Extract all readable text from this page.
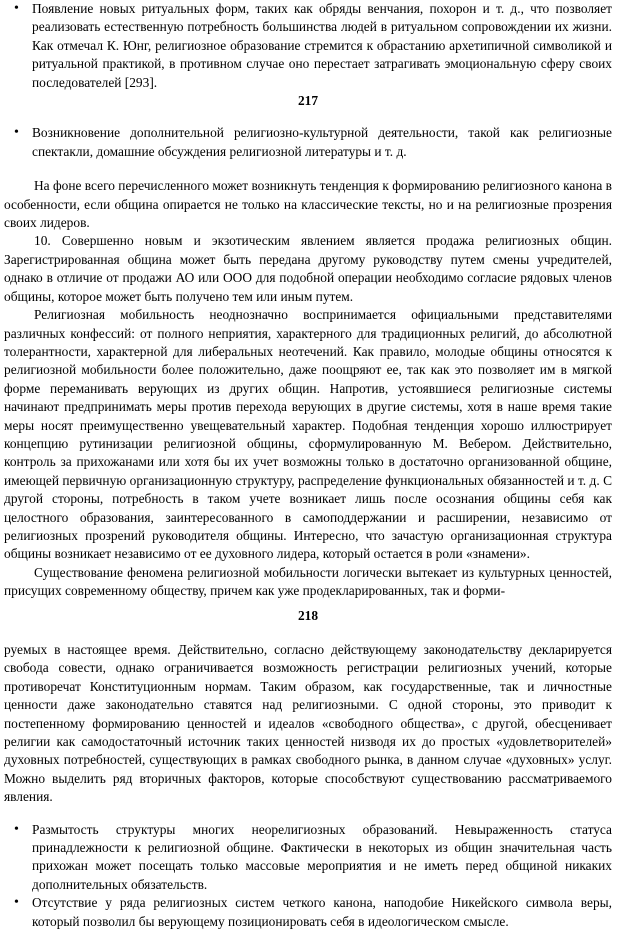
• Появление новых ритуальных форм, таких как обряды венчания, похорон и т. д., что позволяет реализовать естественную потребность большинства людей в ритуальном сопровождении их жизни. Как отмечал К. Юнг, религиозное образование стремится к обрастанию архетипичной символикой и ритуальной практикой, в противном случае оно перестает затрагивать эмоциональную сферу своих последователей [293].

217

• Возникновение дополнительной религиозно-культурной деятельности, такой как религиозные спектакли, домашние обсуждения религиозной литературы и т. д.

На фоне всего перечисленного может возникнуть тенденция к формированию религиозного канона в особенности, если община опирается не только на классические тексты, но и на религиозные прозрения своих лидеров.

10. Совершенно новым и экзотическим явлением является продажа религиозных общин. Зарегистрированная община может быть передана другому руководству путем смены учредителей, однако в отличие от продажи АО или ООО для подобной операции необходимо согласие рядовых членов общины, которое может быть получено тем или иным путем.

Религиозная мобильность неоднозначно воспринимается официальными представителями различных конфессий: от полного неприятия, характерного для традиционных религий, до абсолютной толерантности, характерной для либеральных неотечений. Как правило, молодые общины относятся к религиозной мобильности более положительно, даже поощряют ее, так как это позволяет им в мягкой форме переманивать верующих из других общин. Напротив, устоявшиеся религиозные системы начинают предпринимать меры против перехода верующих в другие системы, хотя в наше время такие меры носят преимущественно увещевательный характер. Подобная тенденция хорошо иллюстрирует концепцию рутинизации религиозной общины, сформулированную М. Вебером. Действительно, контроль за прихожанами или хотя бы их учет возможны только в достаточно организованной общине, имеющей первичную организационную структуру, распределение функциональных обязанностей и т. д. С другой стороны, потребность в таком учете возникает лишь после осознания общины себя как целостного образования, заинтересованного в самоподдержании и расширении, независимо от религиозных прозрений руководителя общины. Интересно, что зачастую организационная структура общины возникает независимо от ее духовного лидера, который остается в роли «знамени».

Существование феномена религиозной мобильности логически вытекает из культурных ценностей, присущих современному обществу, причем как уже продекларированных, так и форми-

218

руемых в настоящее время. Действительно, согласно действующему законодательству декларируется свобода совести, однако ограничивается возможность регистрации религиозных учений, которые противоречат Конституционным нормам. Таким образом, как государственные, так и личностные ценности даже законодательно ставятся над религиозными. С одной стороны, это приводит к постепенному формированию ценностей и идеалов «свободного общества», с другой, обесценивает религии как самодостаточный источник таких ценностей низводя их до простых «удовлетворителей» духовных потребностей, существующих в рамках свободного рынка, в данном случае «духовных» услуг. Можно выделить ряд вторичных факторов, которые способствуют существованию рассматриваемого явления.

• Размытость структуры многих неорелигиозных образований. Невыраженность статуса принадлежности к религиозной общине. Фактически в некоторых из общин значительная часть прихожан может посещать только массовые мероприятия и не иметь перед общиной никаких дополнительных обязательств.
• Отсутствие у ряда религиозных систем четкого канона, наподобие Никейского символа веры, который позволил бы верующему позиционировать себя в идеологическом смысле.
